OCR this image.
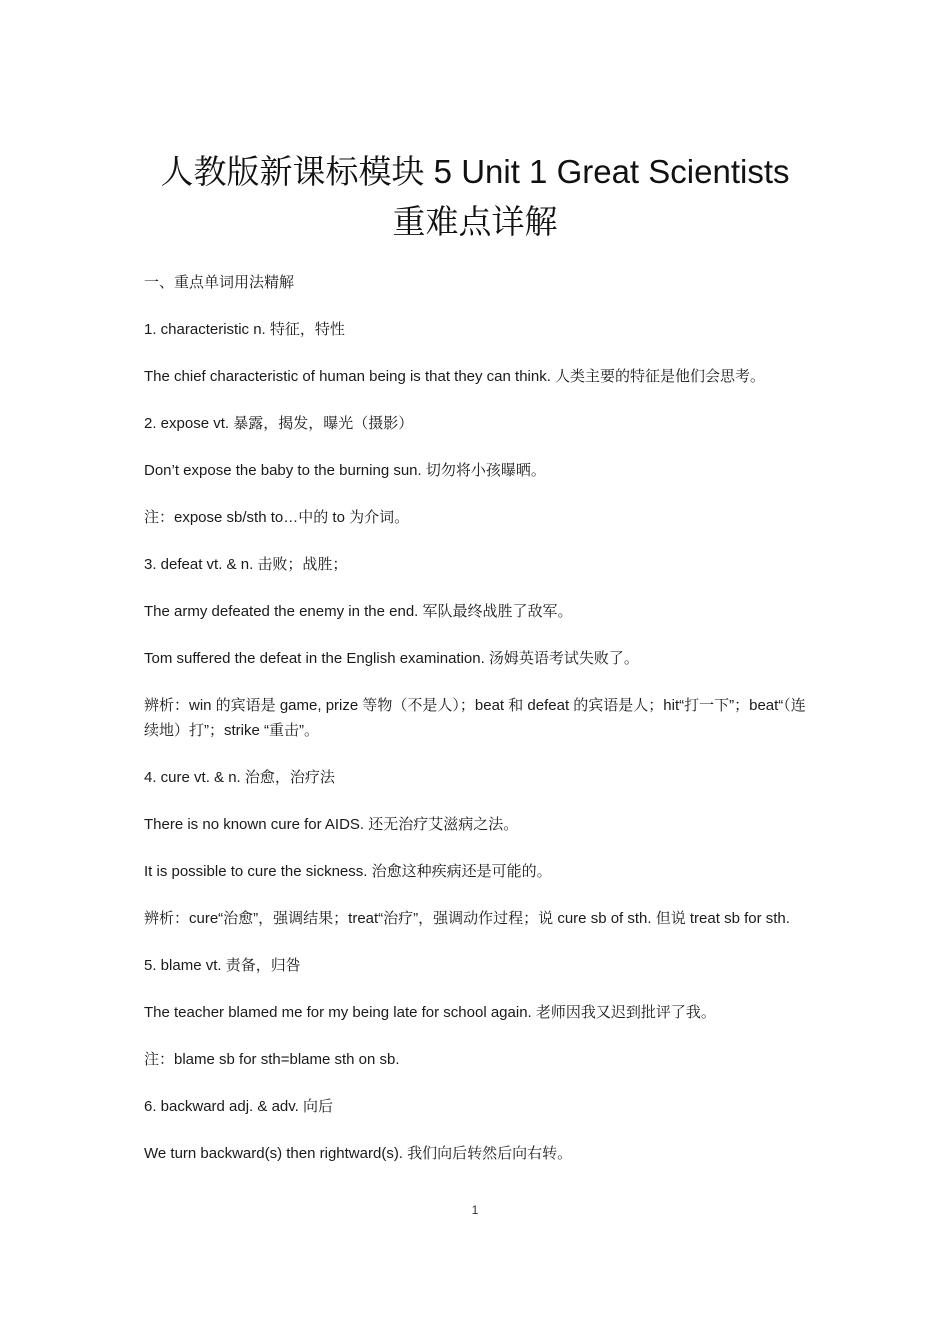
人教版新课标模块 5 Unit 1 Great Scientists
重难点详解

一、重点单词用法精解

1. characteristic n. 特征，特性

The chief characteristic of human being is that they can think. 人类主要的特征是他们会思考。

2. expose vt. 暴露，揭发，曝光（摄影）

Don’t expose the baby to the burning sun. 切勿将小孩曝晒。

注：expose sb/sth to…中的 to 为介词。

3. defeat vt. & n. 击败；战胜；

The army defeated the enemy in the end. 军队最终战胜了敌军。

Tom suffered the defeat in the English examination. 汤姆英语考试失败了。

辨析：win 的宾语是 game, prize 等物（不是人）；beat 和 defeat 的宾语是人；hit“打一下”；beat“（连续地）打”；strike “重击”。

4. cure vt. & n. 治愈，治疗法

There is no known cure for AIDS. 还无治疗艾滋病之法。

It is possible to cure the sickness. 治愈这种疾病还是可能的。

辨析：cure“治愈”，强调结果；treat“治疗”，强调动作过程；说 cure sb of sth. 但说 treat sb for sth.

5. blame vt. 责备，归咎

The teacher blamed me for my being late for school again. 老师因我又迟到批评了我。

注：blame sb for sth=blame sth on sb.

6. backward adj. & adv. 向后

We turn backward(s) then rightward(s). 我们向后转然后向右转。

1
